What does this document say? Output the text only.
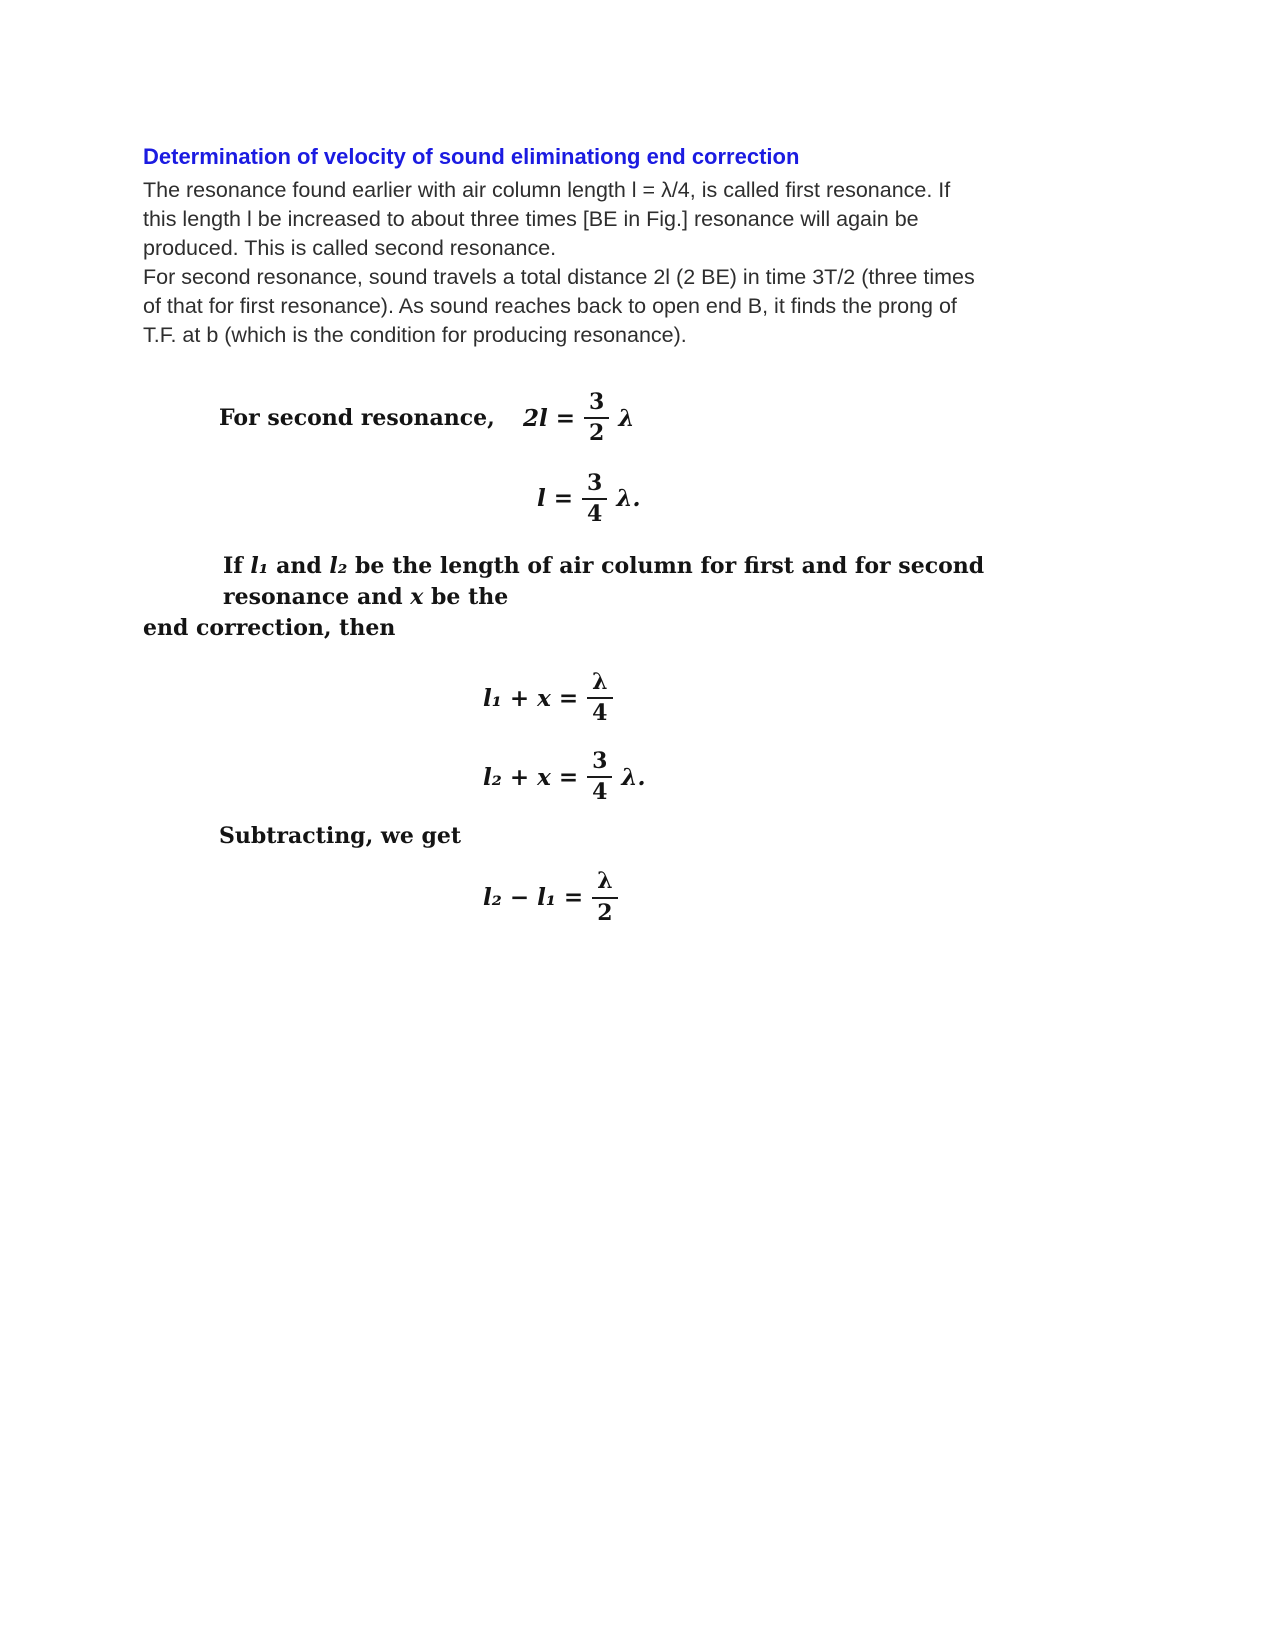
Determination of velocity of sound eliminationg end correction
The resonance found earlier with air column length l = λ/4, is called first resonance. If
this length l be increased to about three times [BE in Fig.] resonance will again be
produced. This is called second resonance.
For second resonance, sound travels a total distance 2l (2 BE) in time 3T/2 (three times
of that for first resonance). As sound reaches back to open end B, it finds the prong of
T.F. at b (which is the condition for producing resonance).
For second resonance,	$2l = \frac{3}{2}$ λ
$l = \frac{3}{4} \lambda$.
If l₁ and l₂ be the length of air column for first and for second resonance and x be the
end correction, then
$l_1 + x = \frac{\lambda}{4}$
$l_2 + x = \frac{3}{4} \lambda$.
Subtracting, we get
$l_2 - l_1 = \frac{\lambda}{2}$
